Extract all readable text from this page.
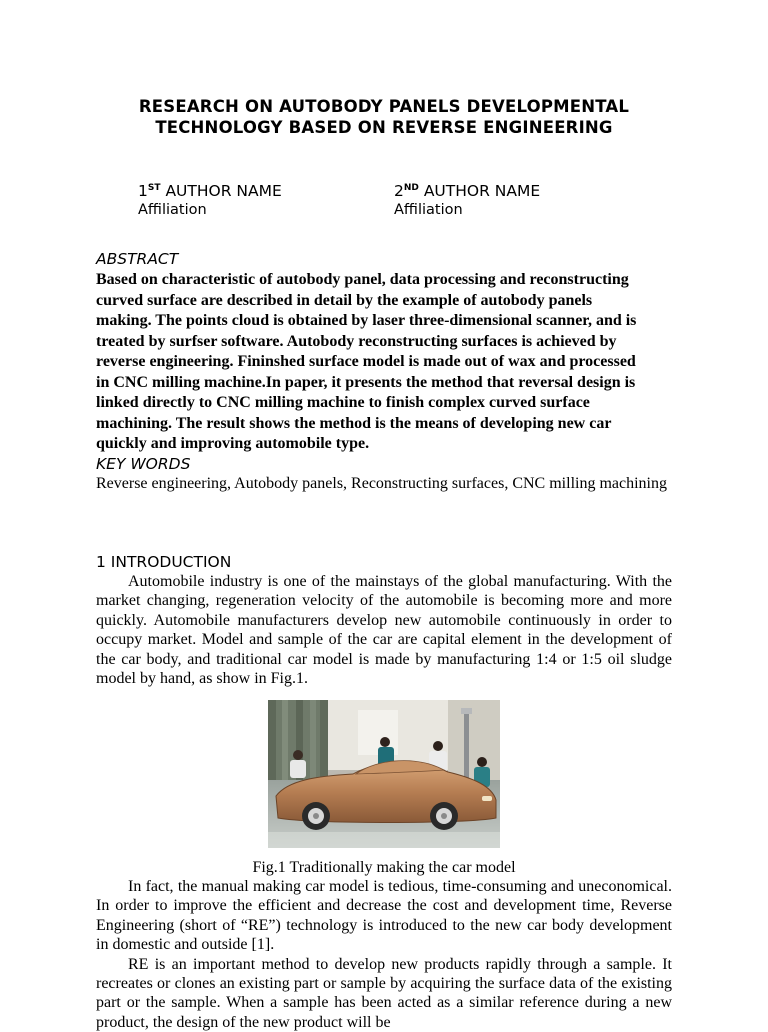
RESEARCH ON AUTOBODY PANELS DEVELOPMENTAL
TECHNOLOGY BASED ON REVERSE ENGINEERING
1ST AUTHOR NAME
Affiliation
2ND AUTHOR NAME
Affiliation
ABSTRACT
Based on characteristic of autobody panel, data processing and reconstructing
curved surface are described in detail by the example of autobody panels
making. The points cloud is obtained by laser three-dimensional scanner, and is
treated by surfser software. Autobody reconstructing surfaces is achieved by
reverse engineering. Fininshed surface model is made out of wax and processed
in CNC milling machine.In paper, it presents the method that reversal design is
linked directly to CNC milling machine to finish complex curved surface
machining. The result shows the method is the means of developing new car
quickly and improving automobile type.
KEY WORDS
Reverse engineering, Autobody panels, Reconstructing surfaces, CNC milling machining
1 INTRODUCTION

Automobile industry is one of the mainstays of the global manufacturing. With the market changing, regeneration velocity of the automobile is becoming more and more quickly. Automobile manufacturers develop new automobile continuously in order to occupy market. Model and sample of the car are capital element in the development of the car body, and traditional car model is made by manufacturing 1:4 or 1:5 oil sludge model by hand, as show in Fig.1.

Fig.1 Traditionally making the car model

In fact, the manual making car model is tedious, time-consuming and uneconomical. In order to improve the efficient and decrease the cost and development time, Reverse Engineering (short of “RE”) technology is introduced to the new car body development in domestic and outside [1].

RE is an important method to develop new products rapidly through a sample. It recreates or clones an existing part or sample by acquiring the surface data of the existing part or the sample. When a sample has been acted as a similar reference during a new product, the design of the new product will be
